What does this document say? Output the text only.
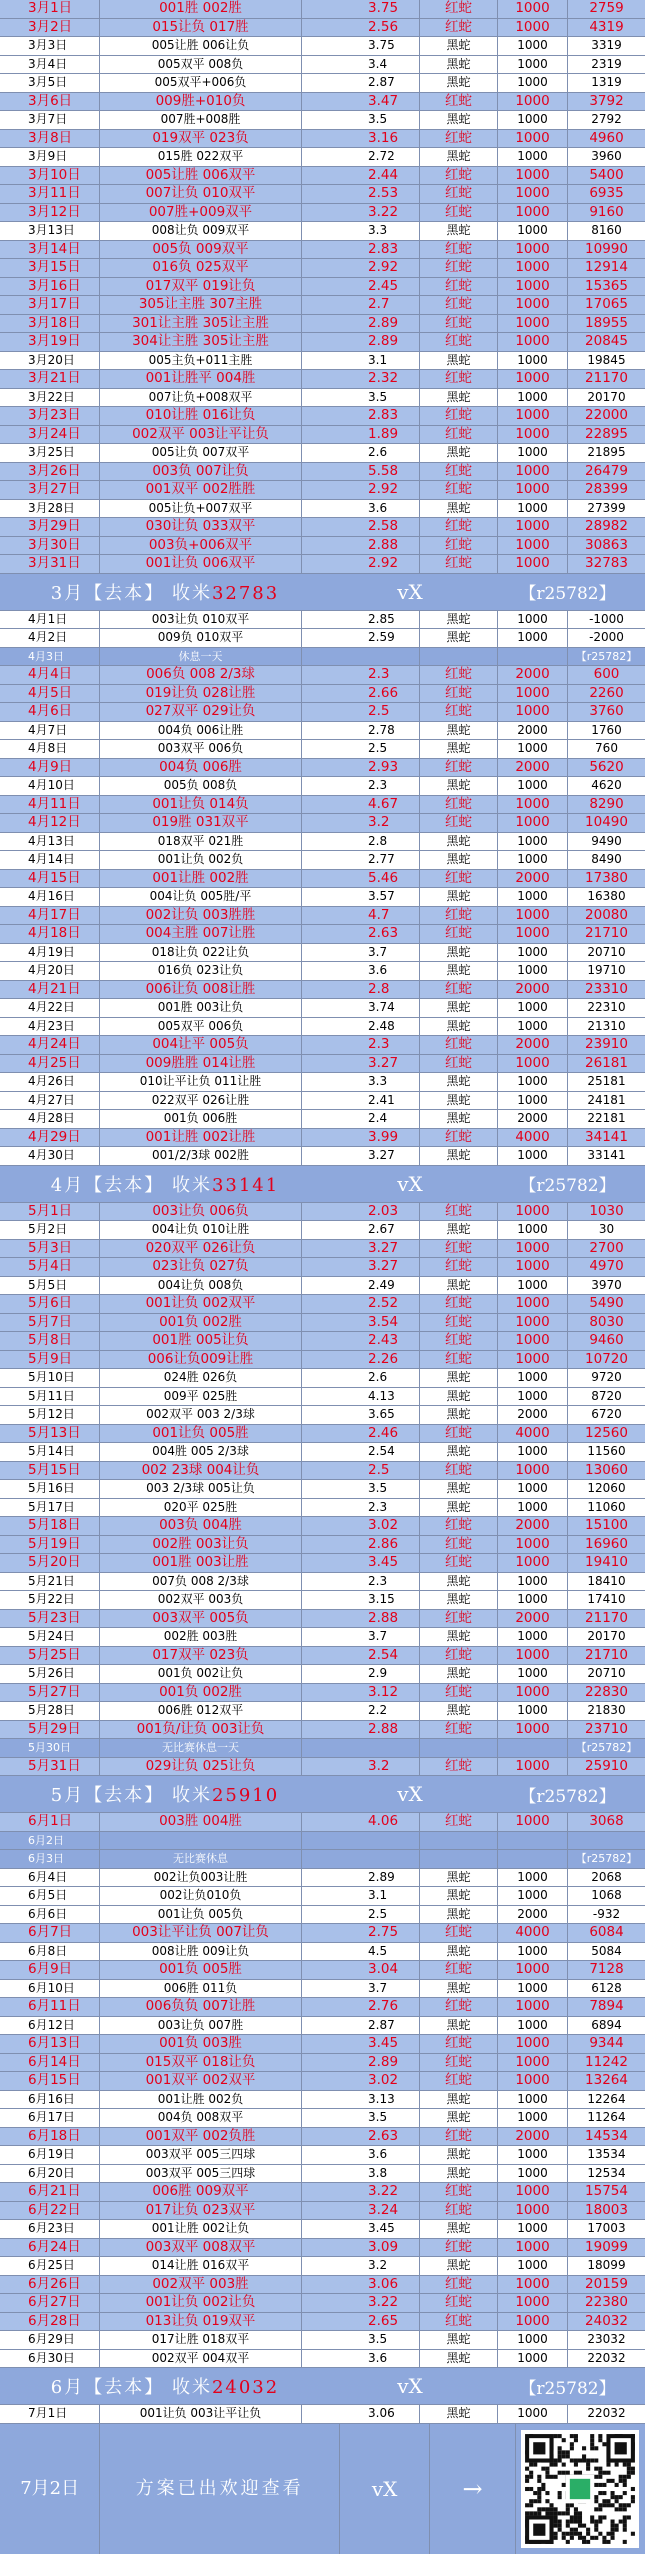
3月1日	001胜 002胜	3.75	红蛇	1000	2759
3月2日	015让负 017胜	2.56	红蛇	1000	4319
3月3日	005让胜 006让负	3.75	黑蛇	1000	3319
3月4日	005双平 008负	3.4	黑蛇	1000	2319
3月5日	005双平+006负	2.87	黑蛇	1000	1319
3月6日	009胜+010负	3.47	红蛇	1000	3792
3月7日	007胜+008胜	3.5	黑蛇	1000	2792
3月8日	019双平 023负	3.16	红蛇	1000	4960
3月9日	015胜 022双平	2.72	黑蛇	1000	3960
3月10日	005让胜 006双平	2.44	红蛇	1000	5400
3月11日	007让负 010双平	2.53	红蛇	1000	6935
3月12日	007胜+009双平	3.22	红蛇	1000	9160
3月13日	008让负 009双平	3.3	黑蛇	1000	8160
3月14日	005负 009双平	2.83	红蛇	1000	10990
3月15日	016负 025双平	2.92	红蛇	1000	12914
3月16日	017双平 019让负	2.45	红蛇	1000	15365
3月17日	305让主胜 307主胜	2.7	红蛇	1000	17065
3月18日	301让主胜 305让主胜	2.89	红蛇	1000	18955
3月19日	304让主胜 305让主胜	2.89	红蛇	1000	20845
3月20日	005主负+011主胜	3.1	黑蛇	1000	19845
3月21日	001让胜平 004胜	2.32	红蛇	1000	21170
3月22日	007让负+008双平	3.5	黑蛇	1000	20170
3月23日	010让胜 016让负	2.83	红蛇	1000	22000
3月24日	002双平 003让平让负	1.89	红蛇	1000	22895
3月25日	005让负 007双平	2.6	黑蛇	1000	21895
3月26日	003负 007让负	5.58	红蛇	1000	26479
3月27日	001双平 002胜胜	2.92	红蛇	1000	28399
3月28日	005让负+007双平	3.6	黑蛇	1000	27399
3月29日	030让负 033双平	2.58	红蛇	1000	28982
3月30日	003负+006双平	2.88	红蛇	1000	30863
3月31日	001让负 006双平	2.92	红蛇	1000	32783
3月【去本】 收米32783	vX	【r25782】
4月1日	003让负 010双平	2.85	黑蛇	1000	-1000
4月2日	009负 010双平	2.59	黑蛇	1000	-2000
4月3日	休息一天	【r25782】
4月4日	006负 008 2/3球	2.3	红蛇	2000	600
4月5日	019让负 028让胜	2.66	红蛇	1000	2260
4月6日	027双平 029让负	2.5	红蛇	1000	3760
4月7日	004负 006让胜	2.78	黑蛇	2000	1760
4月8日	003双平 006负	2.5	黑蛇	1000	760
4月9日	004负 006胜	2.93	红蛇	2000	5620
4月10日	005负 008负	2.3	黑蛇	1000	4620
4月11日	001让负 014负	4.67	红蛇	1000	8290
4月12日	019胜 031双平	3.2	红蛇	1000	10490
4月13日	018双平 021胜	2.8	黑蛇	1000	9490
4月14日	001让负 002负	2.77	黑蛇	1000	8490
4月15日	001让胜 002胜	5.46	红蛇	2000	17380
4月16日	004让负 005胜/平	3.57	黑蛇	1000	16380
4月17日	002让负 003胜胜	4.7	红蛇	1000	20080
4月18日	004主胜 007让胜	2.63	红蛇	1000	21710
4月19日	018让负 022让负	3.7	黑蛇	1000	20710
4月20日	016负 023让负	3.6	黑蛇	1000	19710
4月21日	006让负 008让胜	2.8	红蛇	2000	23310
4月22日	001胜 003让负	3.74	黑蛇	1000	22310
4月23日	005双平 006负	2.48	黑蛇	1000	21310
4月24日	004让平 005负	2.3	红蛇	2000	23910
4月25日	009胜胜 014让胜	3.27	红蛇	1000	26181
4月26日	010让平让负 011让胜	3.3	黑蛇	1000	25181
4月27日	022双平 026让胜	2.41	黑蛇	1000	24181
4月28日	001负 006胜	2.4	黑蛇	2000	22181
4月29日	001让胜 002让胜	3.99	红蛇	4000	34141
4月30日	001/2/3球 002胜	3.27	黑蛇	1000	33141
4月【去本】 收米33141	vX	【r25782】
5月1日	003让负 006负	2.03	红蛇	1000	1030
5月2日	004让负 010让胜	2.67	黑蛇	1000	30
5月3日	020双平 026让负	3.27	红蛇	1000	2700
5月4日	023让负 027负	3.27	红蛇	1000	4970
5月5日	004让负 008负	2.49	黑蛇	1000	3970
5月6日	001让负 002双平	2.52	红蛇	1000	5490
5月7日	001负 002胜	3.54	红蛇	1000	8030
5月8日	001胜 005让负	2.43	红蛇	1000	9460
5月9日	006让负009让胜	2.26	红蛇	1000	10720
5月10日	024胜 026负	2.6	黑蛇	1000	9720
5月11日	009平 025胜	4.13	黑蛇	1000	8720
5月12日	002双平 003 2/3球	3.65	黑蛇	2000	6720
5月13日	001让负 005胜	2.46	红蛇	4000	12560
5月14日	004胜 005 2/3球	2.54	黑蛇	1000	11560
5月15日	002 23球 004让负	2.5	红蛇	1000	13060
5月16日	003 2/3球 005让负	3.5	黑蛇	1000	12060
5月17日	020平 025胜	2.3	黑蛇	1000	11060
5月18日	003负 004胜	3.02	红蛇	2000	15100
5月19日	002胜 003让负	2.86	红蛇	1000	16960
5月20日	001胜 003让胜	3.45	红蛇	1000	19410
5月21日	007负 008 2/3球	2.3	黑蛇	1000	18410
5月22日	002双平 003负	3.15	黑蛇	1000	17410
5月23日	003双平 005负	2.88	红蛇	2000	21170
5月24日	002胜 003胜	3.7	黑蛇	1000	20170
5月25日	017双平 023负	2.54	红蛇	1000	21710
5月26日	001负 002让负	2.9	黑蛇	1000	20710
5月27日	001负 002胜	3.12	红蛇	1000	22830
5月28日	006胜 012双平	2.2	黑蛇	1000	21830
5月29日	001负/让负 003让负	2.88	红蛇	1000	23710
5月30日	无比赛休息一天	【r25782】
5月31日	029让负 025让负	3.2	红蛇	1000	25910
5月【去本】 收米25910	vX	【r25782】
6月1日	003胜 004胜	4.06	红蛇	1000	3068
6月2日
6月3日	无比赛休息	【r25782】
6月4日	002让负003让胜	2.89	黑蛇	1000	2068
6月5日	002让负010负	3.1	黑蛇	1000	1068
6月6日	001让负 005负	2.5	黑蛇	2000	-932
6月7日	003让平让负 007让负	2.75	红蛇	4000	6084
6月8日	008让胜 009让负	4.5	黑蛇	1000	5084
6月9日	001负 005胜	3.04	红蛇	1000	7128
6月10日	006胜 011负	3.7	黑蛇	1000	6128
6月11日	006负负 007让胜	2.76	红蛇	1000	7894
6月12日	003让负 007胜	2.87	黑蛇	1000	6894
6月13日	001负 003胜	3.45	红蛇	1000	9344
6月14日	015双平 018让负	2.89	红蛇	1000	11242
6月15日	001双平 002双平	3.02	红蛇	1000	13264
6月16日	001让胜 002负	3.13	黑蛇	1000	12264
6月17日	004负 008双平	3.5	黑蛇	1000	11264
6月18日	001双平 002负胜	2.63	红蛇	2000	14534
6月19日	003双平 005三四球	3.6	黑蛇	1000	13534
6月20日	003双平 005三四球	3.8	黑蛇	1000	12534
6月21日	006胜 009双平	3.22	红蛇	1000	15754
6月22日	017让负 023双平	3.24	红蛇	1000	18003
6月23日	001让胜 002让负	3.45	黑蛇	1000	17003
6月24日	003双平 008双平	3.09	红蛇	1000	19099
6月25日	014让胜 016双平	3.2	黑蛇	1000	18099
6月26日	002双平 003胜	3.06	红蛇	1000	20159
6月27日	001让负 002让负	3.22	红蛇	1000	22380
6月28日	013让负 019双平	2.65	红蛇	1000	24032
6月29日	017让胜 018双平	3.5	黑蛇	1000	23032
6月30日	002双平 004双平	3.6	黑蛇	1000	22032
6月【去本】 收米24032	vX	【r25782】
7月1日	001让负 003让平让负	3.06	黑蛇	1000	22032
7月2日	方案已出欢迎查看	vX	→
